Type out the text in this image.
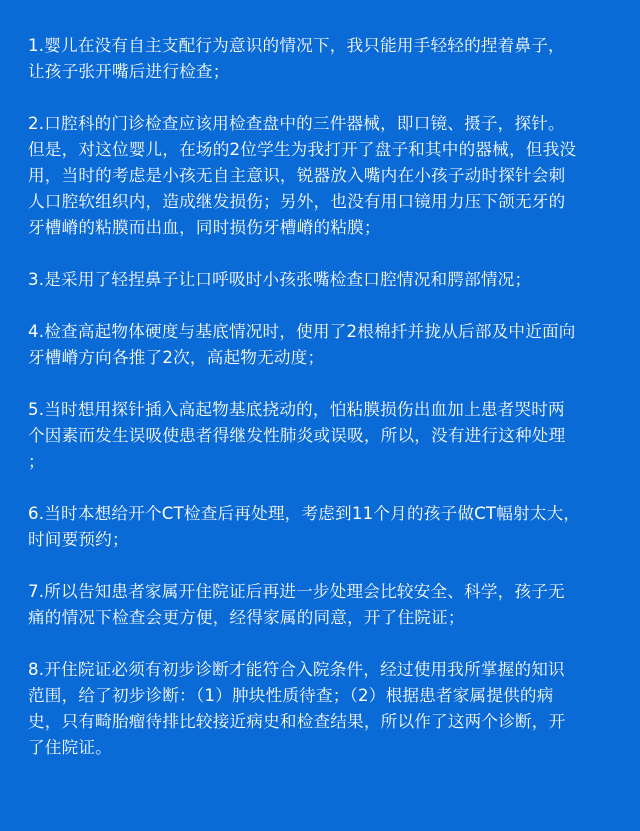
1.婴儿在没有自主支配行为意识的情况下，我只能用手轻轻的捏着鼻子，
让孩子张开嘴后进行检查；

2.口腔科的门诊检查应该用检查盘中的三件器械，即口镜、摄子，探针。
但是，对这位婴儿，在场的2位学生为我打开了盘子和其中的器械，但我没
用，当时的考虑是小孩无自主意识，锐器放入嘴内在小孩子动时探针会刺
人口腔软组织内，造成继发损伤；另外，也没有用口镜用力压下颌无牙的
牙槽嵴的粘膜而出血，同时损伤牙槽嵴的粘膜；

3.是采用了轻捏鼻子让口呼吸时小孩张嘴检查口腔情况和腭部情况；

4.检查高起物体硬度与基底情况时，使用了2根棉扦并拢从后部及中近面向
牙槽嵴方向各推了2次，高起物无动度；

5.当时想用探针插入高起物基底挠动的，怕粘膜损伤出血加上患者哭时两
个因素而发生误吸使患者得继发性肺炎或误吸，所以，没有进行这种处理
；

6.当时本想给开个CT检查后再处理，考虑到11个月的孩子做CT幅射太大，
时间要预约；

7.所以告知患者家属开住院证后再进一步处理会比较安全、科学，孩子无
痛的情况下检查会更方便，经得家属的同意，开了住院证；

8.开住院证必须有初步诊断才能符合入院条件，经过使用我所掌握的知识
范围，给了初步诊断：（1）肿块性质待查；（2）根据患者家属提供的病
史，只有畸胎瘤待排比较接近病史和检查结果，所以作了这两个诊断，开
了住院证。
